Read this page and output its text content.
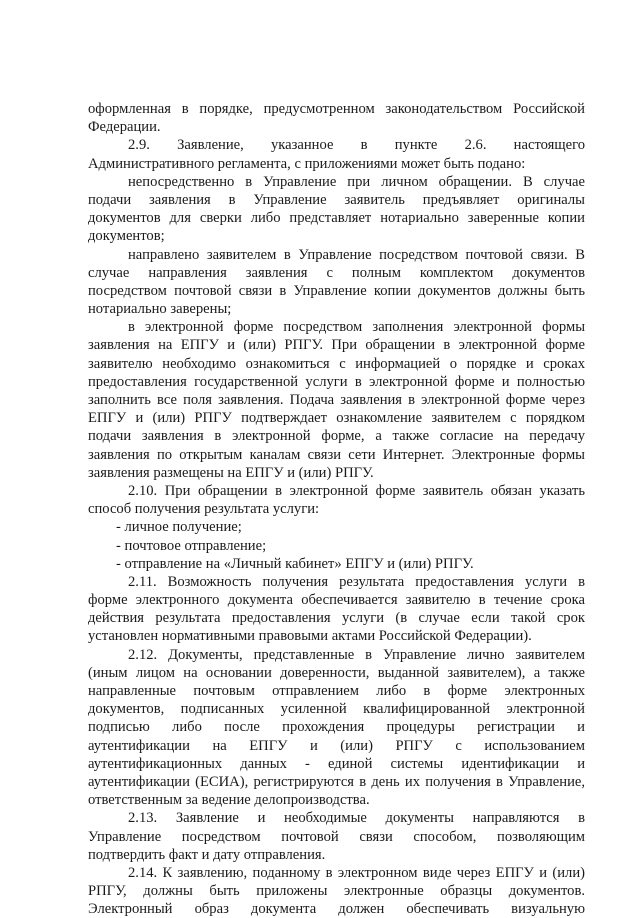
оформленная в порядке, предусмотренном законодательством Российской
Федерации.
2.9. Заявление, указанное в пункте 2.6. настоящего
Административного регламента, с приложениями может быть подано:
непосредственно в Управление при личном обращении. В случае
подачи заявления в Управление заявитель предъявляет оригиналы
документов для сверки либо представляет нотариально заверенные копии
документов;
направлено заявителем в Управление посредством почтовой связи. В
случае направления заявления с полным комплектом документов
посредством почтовой связи в Управление копии документов должны быть
нотариально заверены;
в электронной форме посредством заполнения электронной формы
заявления на ЕПГУ и (или) РПГУ. При обращении в электронной форме
заявителю необходимо ознакомиться с информацией о порядке и сроках
предоставления государственной услуги в электронной форме и полностью
заполнить все поля заявления. Подача заявления в электронной форме через
ЕПГУ и (или) РПГУ подтверждает ознакомление заявителем с порядком
подачи заявления в электронной форме, а также согласие на передачу
заявления по открытым каналам связи сети Интернет. Электронные формы
заявления размещены на ЕПГУ и (или) РПГУ.
2.10. При обращении в электронной форме заявитель обязан указать
способ получения результата услуги:
- личное получение;
- почтовое отправление;
- отправление на «Личный кабинет» ЕПГУ и (или) РПГУ.
2.11. Возможность получения результата предоставления услуги в
форме электронного документа обеспечивается заявителю в течение срока
действия результата предоставления услуги (в случае если такой срок
установлен нормативными правовыми актами Российской Федерации).
2.12. Документы, представленные в Управление лично заявителем
(иным лицом на основании доверенности, выданной заявителем), а также
направленные почтовым отправлением либо в форме электронных
документов, подписанных усиленной квалифицированной электронной
подписью либо после прохождения процедуры регистрации и
аутентификации на ЕПГУ и (или) РПГУ с использованием
аутентификационных данных - единой системы идентификации и
аутентификации (ЕСИА), регистрируются в день их получения в Управление,
ответственным за ведение делопроизводства.
2.13. Заявление и необходимые документы направляются в
Управление посредством почтовой связи способом, позволяющим
подтвердить факт и дату отправления.
2.14. К заявлению, поданному в электронном виде через ЕПГУ и (или)
РПГУ, должны быть приложены электронные образцы документов.
Электронный образ документа должен обеспечивать визуальную
